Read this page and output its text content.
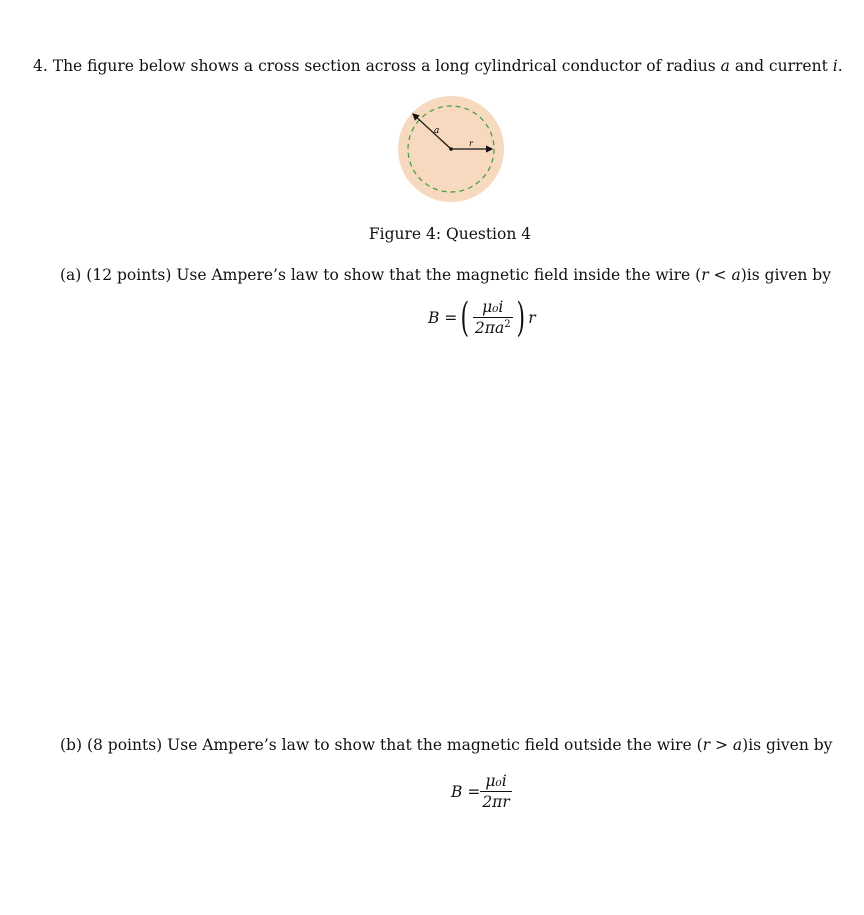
4. The figure below shows a cross section across a long cylindrical conductor of radius a and current i.
a
r
Figure 4: Question 4
(a) (12 points) Use Ampere’s law to show that the magnetic field inside the wire (r < a)is given by
B = ( $\frac{\text{μ₀i}}{2\pi a^2}$ ) r
(b) (8 points) Use Ampere’s law to show that the magnetic field outside the wire (r > a)is given by
$B = \frac{\text{μ₀i}}{2\pi r}$
